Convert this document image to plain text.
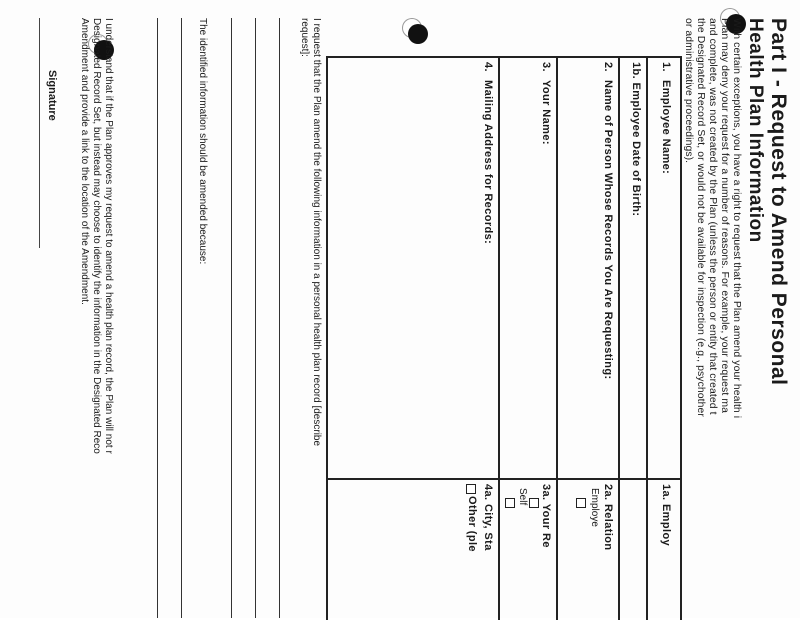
Part I - Request to Amend Personal
Health Plan Information
With certain exceptions, you have a right to request that the Plan amend your health i
Plan may deny your request for a number of reasons. For example, your request ma
and complete, was not created by the Plan (unless the person or entity that created t
the Designated Record Set, or would not be available for inspection (e.g., psychother
or administrative proceedings).
1.
Employee Name:
1a. Employ
1b. Employee Date of Birth:
2.
Name of Person Whose Records You Are Requesting:
2a. Relation
Employe
3.
Your Name:
3a. Your Re
Self
4.
Mailing Address for Records:
4a. City, Sta
Other (ple
I request that the Plan amend the following information in a personal health plan record [describe
request]:
The identified information should be amended because:
I understand that if the Plan approves my request to amend a health plan record, the Plan will not r
Designated Record Set, but instead may choose to identify the information in the Designated Reco
Amendment and provide a link to the location of the Amendment.
Signature
